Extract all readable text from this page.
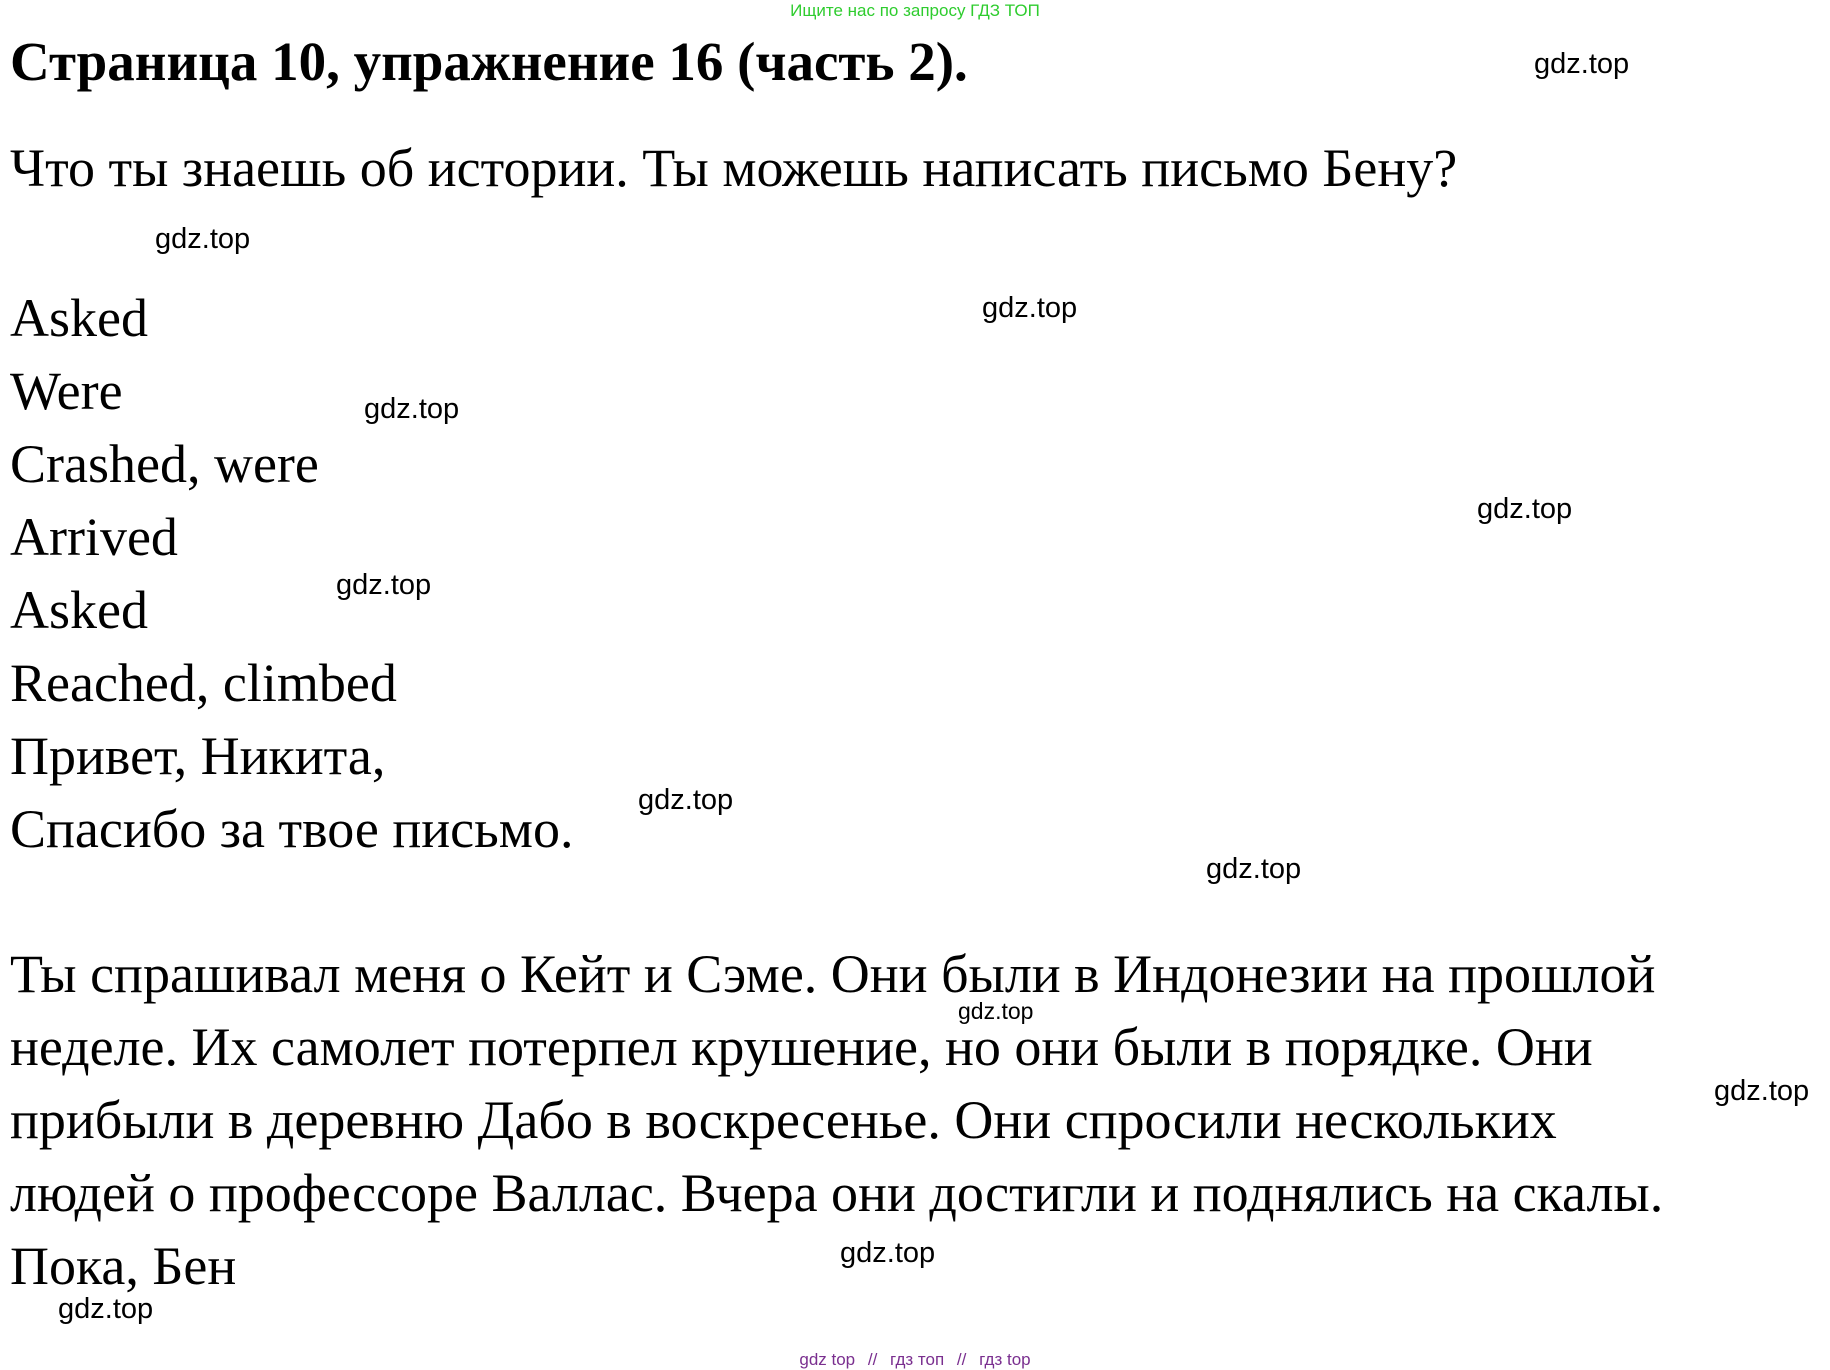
Ищите нас по запросу ГДЗ ТОП
Страница 10, упражнение 16 (часть 2).
Что ты знаешь об истории. Ты можешь написать письмо Бену?
Asked
Were
Crashed, were
Arrived
Asked
Reached, climbed
Привет, Никита,
Спасибо за твое письмо.
Ты спрашивал меня о Кейт и Сэме. Они были в Индонезии на прошлой
неделе. Их самолет потерпел крушение, но они были в порядке. Они
прибыли в деревню Дабо в воскресенье. Они спросили нескольких
людей о профессоре Валлас. Вчера они достигли и поднялись на скалы.
Пока, Бен
gdz.top
gdz.top
gdz.top
gdz.top
gdz.top
gdz.top
gdz.top
gdz.top
gdz.top
gdz.top
gdz.top
gdz.top
gdz top // гдз топ // гдз top
